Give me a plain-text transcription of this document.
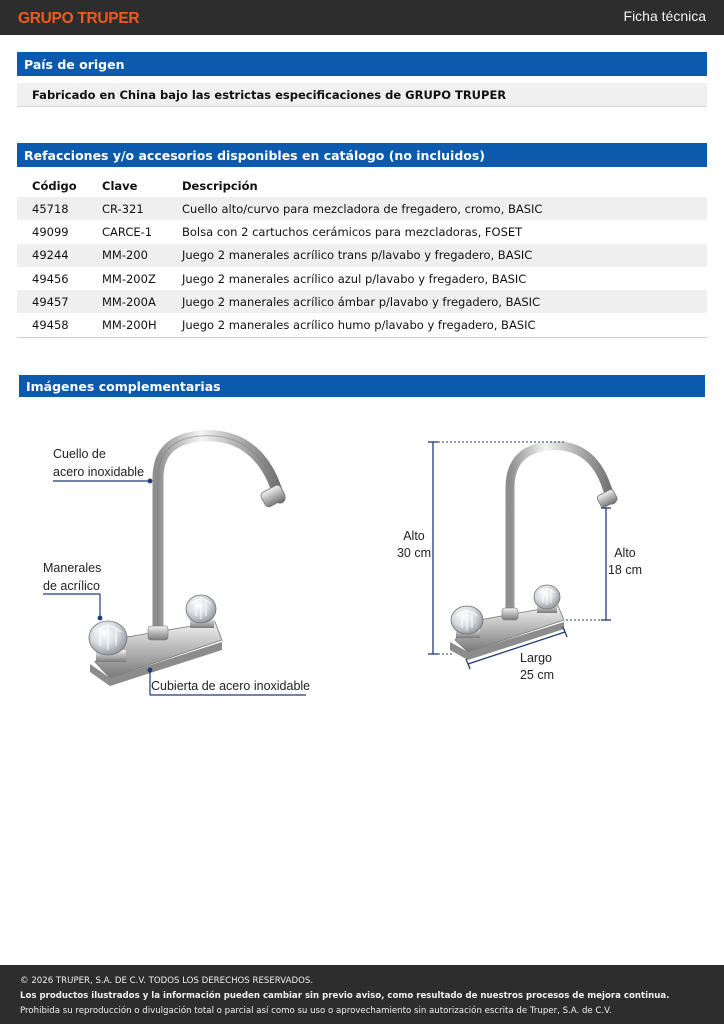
GRUPO TRUPER	Ficha técnica
País de origen
Fabricado en China bajo las estrictas especificaciones de GRUPO TRUPER
Refacciones y/o accesorios disponibles en catálogo (no incluidos)
Código	Clave	Descripción
45718	CR-321	Cuello alto/curvo para mezcladora de fregadero, cromo, BASIC
49099	CARCE-1	Bolsa con 2 cartuchos cerámicos para mezcladoras, FOSET
49244	MM-200	Juego 2 manerales acrílico trans p/lavabo y fregadero, BASIC
49456	MM-200Z	Juego 2 manerales acrílico azul p/lavabo y fregadero, BASIC
49457	MM-200A	Juego 2 manerales acrílico ámbar p/lavabo y fregadero, BASIC
49458	MM-200H	Juego 2 manerales acrílico humo p/lavabo y fregadero, BASIC
Imágenes complementarias
Cuello de
acero inoxidable
Manerales
de acrílico
Cubierta de acero inoxidable
Alto
30 cm	Alto
18 cm
Largo
25 cm

© 2026 TRUPER, S.A. DE C.V. TODOS LOS DERECHOS RESERVADOS.

Los productos ilustrados y la información pueden cambiar sin previo aviso, como resultado de nuestros procesos de mejora continua.

Prohibida su reproducción o divulgación total o parcial así como su uso o aprovechamiento sin autorización escrita de Truper, S.A. de C.V.
